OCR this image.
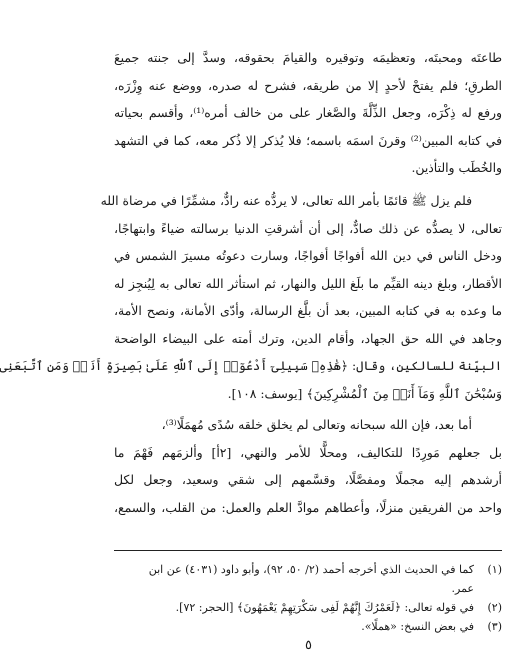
طاعتَه ومحبتَه، وتعظيمَه وتوقيره والقيامَ بحقوقه، وسدَّ إلى جنته جميعَ
الطرقِ؛ فلم يفتحْ لأحدٍ إلا من طريقه، فشرح له صدره، ووضع عنه وِزْرَه،
ورفع له ذِكْرَه، وجعل الذِّلَّةَ والصَّغار على من خالف أمره⁽¹⁾، وأقسم بحياته
في كتابه المبين⁽²⁾ وقرنَ اسمَه باسمه؛ فلا يُذكر إلا ذُكر معه، كما في التشهد
والخُطَب والتأذين.
فلم يزل ﷺ قائمًا بأمر الله تعالى، لا يردُّه عنه رادٌّ، مشمِّرًا في مرضاة الله
تعالى، لا يصدُّه عن ذلك صادٌّ، إلى أن أشرقتِ الدنيا برسالته ضياءً وابتهاجًا،
ودخل الناس في دين الله أفواجًا أفواجًا، وسارت دعوتُه مسيرَ الشمس في
الأقطار، وبلغ دينه القيِّم ما بلَغ الليل والنهار، ثم استأثر الله تعالى به لِيُنجِز له
ما وعده به في كتابه المبين، بعد أن بلَّغ الرسالة، وأدّى الأمانة، ونصح الأمة،
وجاهد في الله حق الجهاد، وأقام الدين، وترك أمته على البيضاء الواضحة
البيِّنة للسالكين، وقال: ﴿هَٰذِهِۦ سَبِيلِىٓ أَدْعُوٓا۟ إِلَى ٱللَّهِ عَلَىٰ بَصِيرَةٍ أَنَا۠ وَمَنِ ٱتَّبَعَنِى
وَسُبْحَٰنَ ٱللَّهِ وَمَآ أَنَا۠ مِنَ ٱلْمُشْرِكِينَ﴾ [يوسف: ١٠٨].
أما بعد، فإن الله سبحانه وتعالى لم يخلق خلقه سُدًى مُهمَلًا⁽³⁾،
بل جعلهم مَورِدًا للتكاليف، ومحلًّا للأمر والنهي، [٢أ] وألزمَهم فَهْمَ ما
أرشدهم إليه مجملًا ومفصَّلًا، وقسَّمهم إلى شقي وسعيد، وجعل لكل
واحد من الفريقين منزلًا، وأعطاهم موادَّ العلم والعمل: من القلب، والسمع،
(١)كما في الحديث الذي أخرجه أحمد (٢/ ٥٠، ٩٢)، وأبو داود (٤٠٣١) عن ابن
عمر.
(٢)في قوله تعالى: ﴿لَعَمْرُكَ إِنَّهُمْ لَفِى سَكْرَتِهِمْ يَعْمَهُونَ﴾ [الحجر: ٧٢].
(٣)في بعض النسخ: «هملًا».
٥
